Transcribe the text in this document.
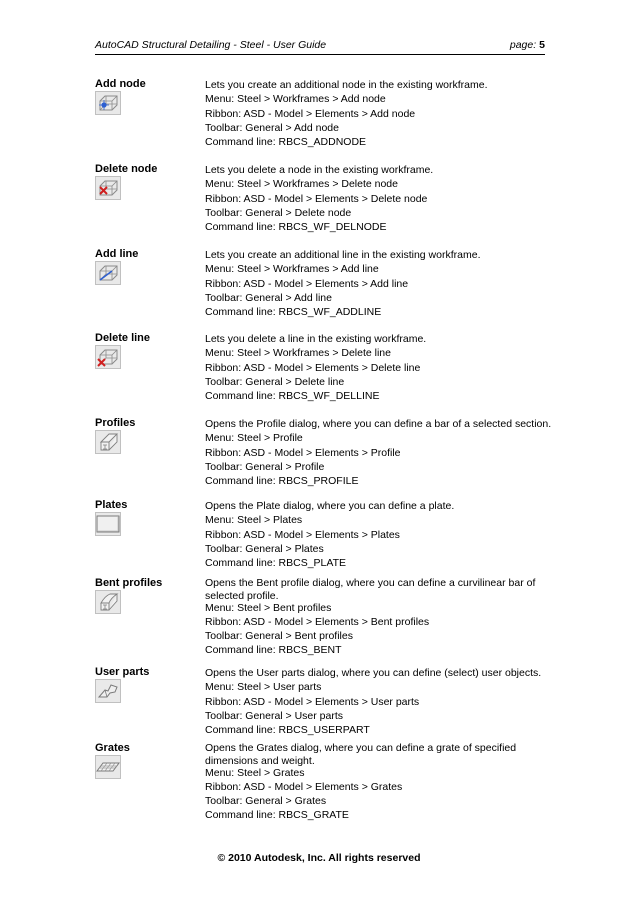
AutoCAD Structural Detailing - Steel - User Guide	page: 5
Add node	Lets you create an additional node in the existing workframe.
Menu: Steel > Workframes > Add node
Ribbon: ASD - Model > Elements > Add node
Toolbar: General > Add node
Command line: RBCS_ADDNODE
Delete node	Lets you delete a node in the existing workframe.
Menu: Steel > Workframes > Delete node
Ribbon: ASD - Model > Elements > Delete node
Toolbar: General > Delete node
Command line: RBCS_WF_DELNODE
Add line	Lets you create an additional line in the existing workframe.
Menu: Steel > Workframes > Add line
Ribbon: ASD - Model > Elements > Add line
Toolbar: General > Add line
Command line: RBCS_WF_ADDLINE
Delete line	Lets you delete a line in the existing workframe.
Menu: Steel > Workframes > Delete line
Ribbon: ASD - Model > Elements > Delete line
Toolbar: General > Delete line
Command line: RBCS_WF_DELLINE
Profiles	Opens the Profile dialog, where you can define a bar of a selected section.
Menu: Steel > Profile
Ribbon: ASD - Model > Elements > Profile
Toolbar: General > Profile
Command line: RBCS_PROFILE
Plates	Opens the Plate dialog, where you can define a plate.
Menu: Steel > Plates
Ribbon: ASD - Model > Elements > Plates
Toolbar: General > Plates
Command line: RBCS_PLATE
Bent profiles	Opens the Bent profile dialog, where you can define a curvilinear bar of
selected profile.
Menu: Steel > Bent profiles
Ribbon: ASD - Model > Elements > Bent profiles
Toolbar: General > Bent profiles
Command line: RBCS_BENT
User parts	Opens the User parts dialog, where you can define (select) user objects.
Menu: Steel > User parts
Ribbon: ASD - Model > Elements > User parts
Toolbar: General > User parts
Command line: RBCS_USERPART
Grates	Opens the Grates dialog, where you can define a grate of specified
dimensions and weight.
Menu: Steel > Grates
Ribbon: ASD - Model > Elements > Grates
Toolbar: General > Grates
Command line: RBCS_GRATE
© 2010 Autodesk, Inc. All rights reserved
